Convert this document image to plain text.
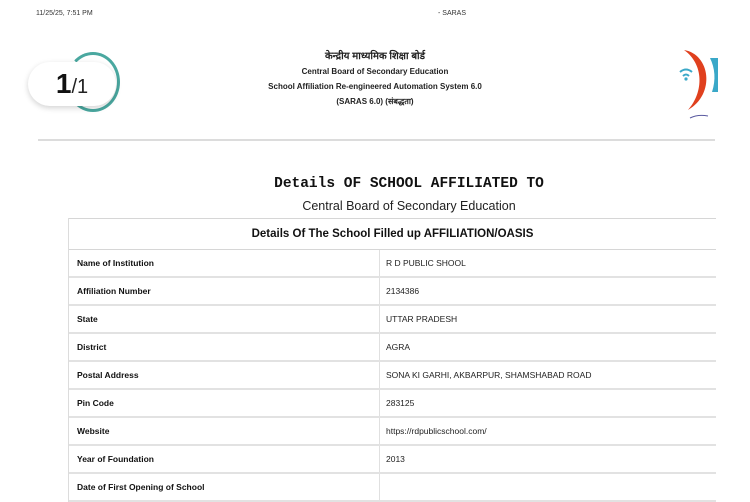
11/25/25, 7:51 PM	- SARAS
1 /1
केन्द्रीय माध्यमिक शिक्षा बोर्ड
Central Board of Secondary Education
School Affiliation Re-engineered Automation System 6.0
(SARAS 6.0) (संबद्धता)
Details OF SCHOOL AFFILIATED TO
Central Board of Secondary Education
Details Of The School Filled up AFFILIATION/OASIS
Name of Institution	R D PUBLIC SHOOL
Affiliation Number	2134386
State	UTTAR PRADESH
District	AGRA
Postal Address	SONA KI GARHI, AKBARPUR, SHAMSHABAD ROAD
Pin Code	283125
Website	https://rdpublicschool.com/
Year of Foundation	2013
Date of First Opening of School
